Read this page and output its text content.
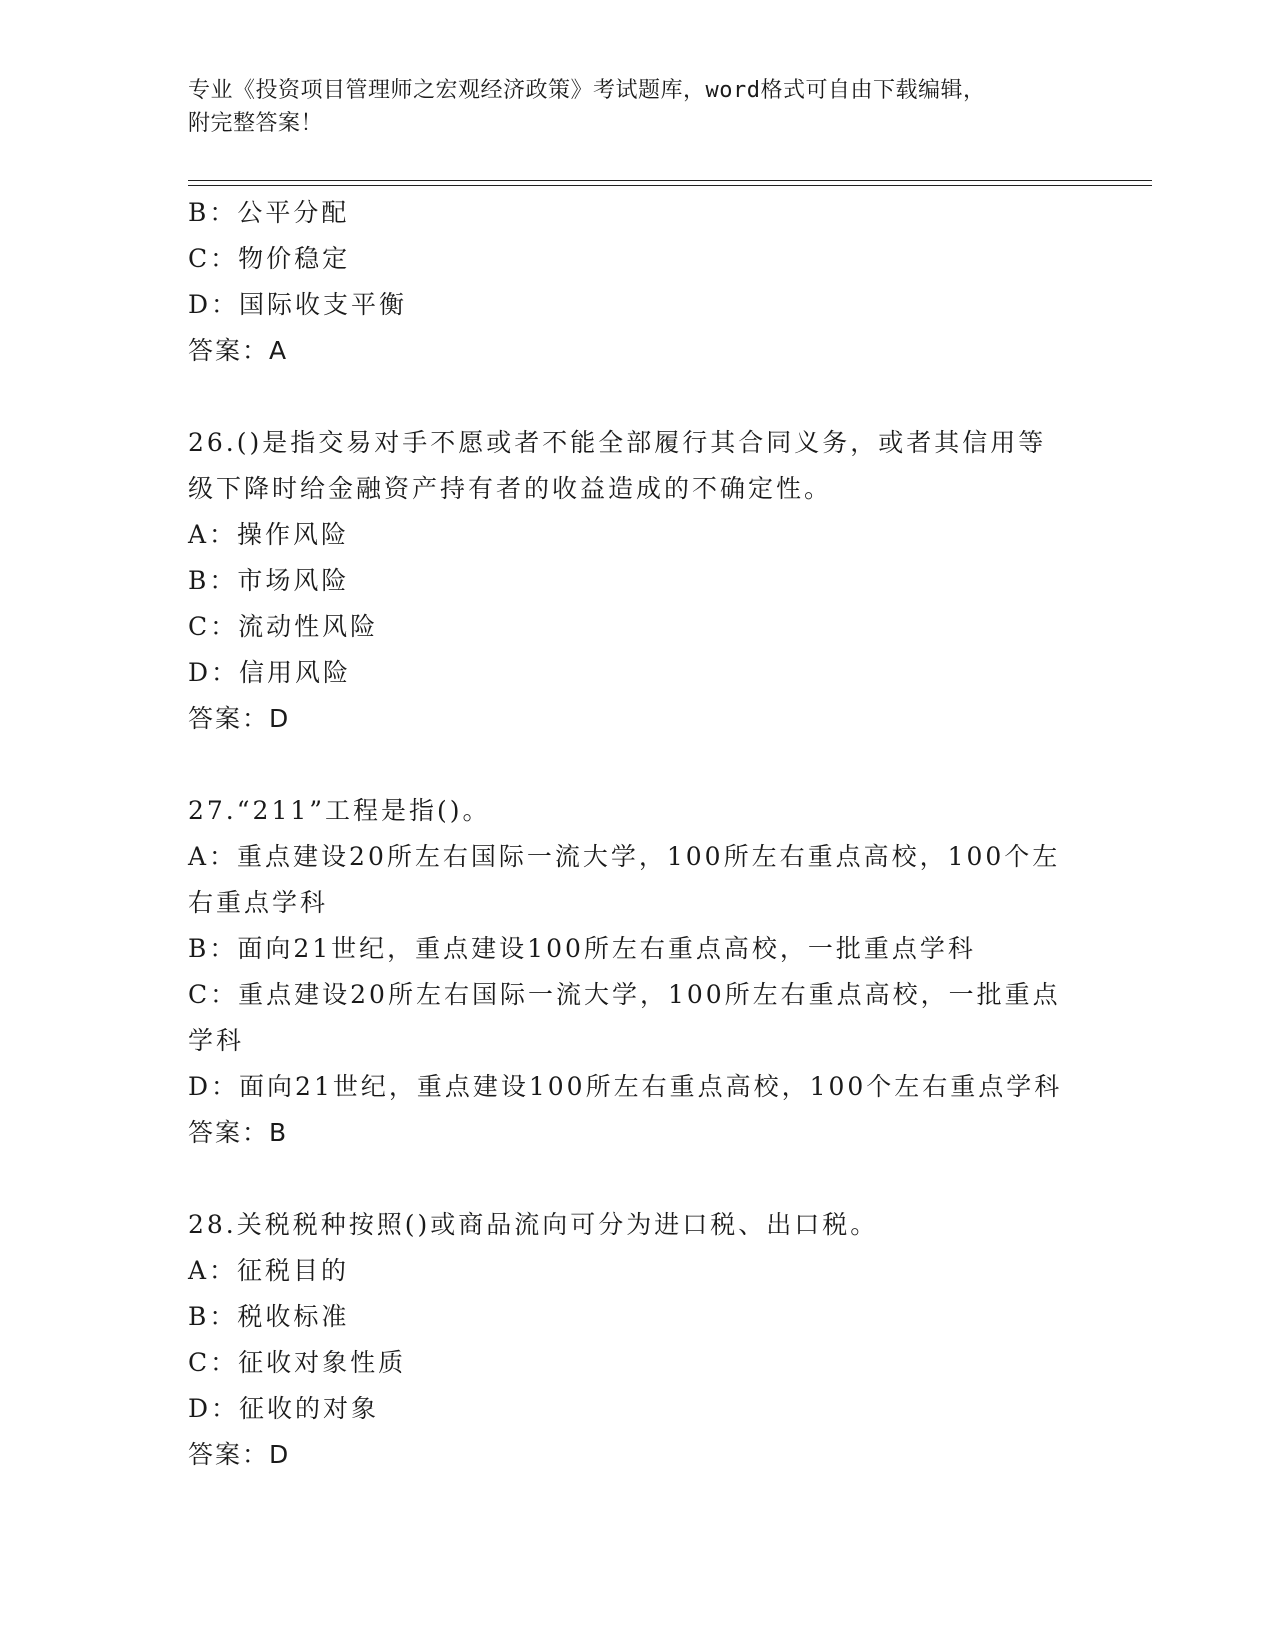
专业《投资项目管理师之宏观经济政策》考试题库，word格式可自由下载编辑，
附完整答案！
B：公平分配
C：物价稳定
D：国际收支平衡
答案：A
26.()是指交易对手不愿或者不能全部履行其合同义务，或者其信用等
级下降时给金融资产持有者的收益造成的不确定性。
A：操作风险
B：市场风险
C：流动性风险
D：信用风险
答案：D
27.“211”工程是指()。
A：重点建设20所左右国际一流大学，100所左右重点高校，100个左
右重点学科
B：面向21世纪，重点建设100所左右重点高校，一批重点学科
C：重点建设20所左右国际一流大学，100所左右重点高校，一批重点
学科
D：面向21世纪，重点建设100所左右重点高校，100个左右重点学科
答案：B
28.关税税种按照()或商品流向可分为进口税、出口税。
A：征税目的
B：税收标准
C：征收对象性质
D：征收的对象
答案：D
